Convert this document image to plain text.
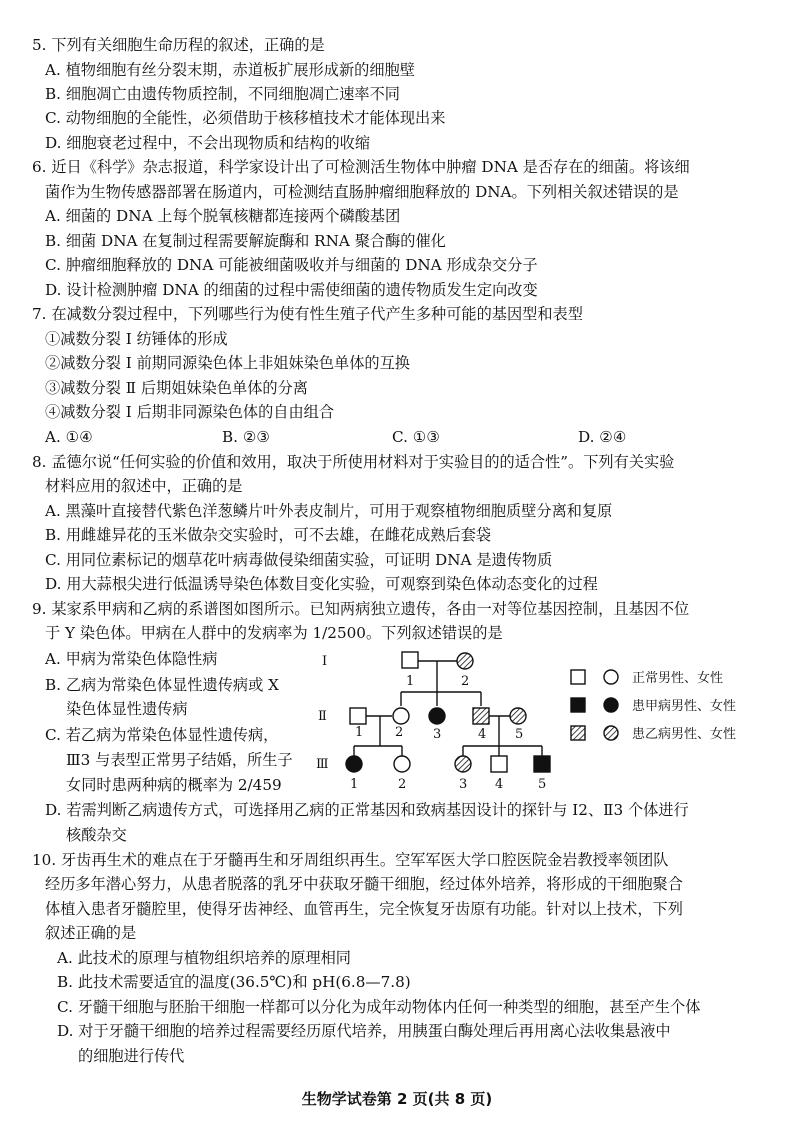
5. 下列有关细胞生命历程的叙述，正确的是
A. 植物细胞有丝分裂末期，赤道板扩展形成新的细胞壁
B. 细胞凋亡由遗传物质控制，不同细胞凋亡速率不同
C. 动物细胞的全能性，必须借助于核移植技术才能体现出来
D. 细胞衰老过程中，不会出现物质和结构的收缩
6. 近日《科学》杂志报道，科学家设计出了可检测活生物体中肿瘤 DNA 是否存在的细菌。将该细
菌作为生物传感器部署在肠道内，可检测结直肠肿瘤细胞释放的 DNA。下列相关叙述错误的是
A. 细菌的 DNA 上每个脱氧核糖都连接两个磷酸基团
B. 细菌 DNA 在复制过程需要解旋酶和 RNA 聚合酶的催化
C. 肿瘤细胞释放的 DNA 可能被细菌吸收并与细菌的 DNA 形成杂交分子
D. 设计检测肿瘤 DNA 的细菌的过程中需使细菌的遗传物质发生定向改变
7. 在减数分裂过程中，下列哪些行为使有性生殖子代产生多种可能的基因型和表型
①减数分裂 Ⅰ 纺锤体的形成
②减数分裂 Ⅰ 前期同源染色体上非姐妹染色单体的互换
③减数分裂 Ⅱ 后期姐妹染色单体的分离
④减数分裂 Ⅰ 后期非同源染色体的自由组合
A. ①④	B. ②③	C. ①③	D. ②④
8. 孟德尔说“任何实验的价值和效用，取决于所使用材料对于实验目的的适合性”。下列有关实验
材料应用的叙述中，正确的是
A. 黑藻叶直接替代紫色洋葱鳞片叶外表皮制片，可用于观察植物细胞质壁分离和复原
B. 用雌雄异花的玉米做杂交实验时，可不去雄，在雌花成熟后套袋
C. 用同位素标记的烟草花叶病毒做侵染细菌实验，可证明 DNA 是遗传物质
D. 用大蒜根尖进行低温诱导染色体数目变化实验，可观察到染色体动态变化的过程
9. 某家系甲病和乙病的系谱图如图所示。已知两病独立遗传，各由一对等位基因控制，且基因不位
于 Y 染色体。甲病在人群中的发病率为 1/2500。下列叙述错误的是
A. 甲病为常染色体隐性病
B. 乙病为常染色体显性遗传病或 X
染色体显性遗传病
C. 若乙病为常染色体显性遗传病，
Ⅲ3 与表型正常男子结婚，所生子
女同时患两种病的概率为 2/459
D. 若需判断乙病遗传方式，可选择用乙病的正常基因和致病基因设计的探针与 Ⅰ2、Ⅱ3 个体进行
核酸杂交
Ⅰ
Ⅱ
Ⅲ
1	2
1 2 3	4 5
1	2	3 4	5
正常男性、女性
患甲病男性、女性
患乙病男性、女性
10. 牙齿再生术的难点在于牙髓再生和牙周组织再生。空军军医大学口腔医院金岩教授率领团队
经历多年潜心努力，从患者脱落的乳牙中获取牙髓干细胞，经过体外培养，将形成的干细胞聚合
体植入患者牙髓腔里，使得牙齿神经、血管再生，完全恢复牙齿原有功能。针对以上技术，下列
叙述正确的是
A. 此技术的原理与植物组织培养的原理相同
B. 此技术需要适宜的温度(36.5℃)和 pH(6.8—7.8)
C. 牙髓干细胞与胚胎干细胞一样都可以分化为成年动物体内任何一种类型的细胞，甚至产生个体
D. 对于牙髓干细胞的培养过程需要经历原代培养，用胰蛋白酶处理后再用离心法收集悬液中
的细胞进行传代
生物学试卷第 2 页(共 8 页)
